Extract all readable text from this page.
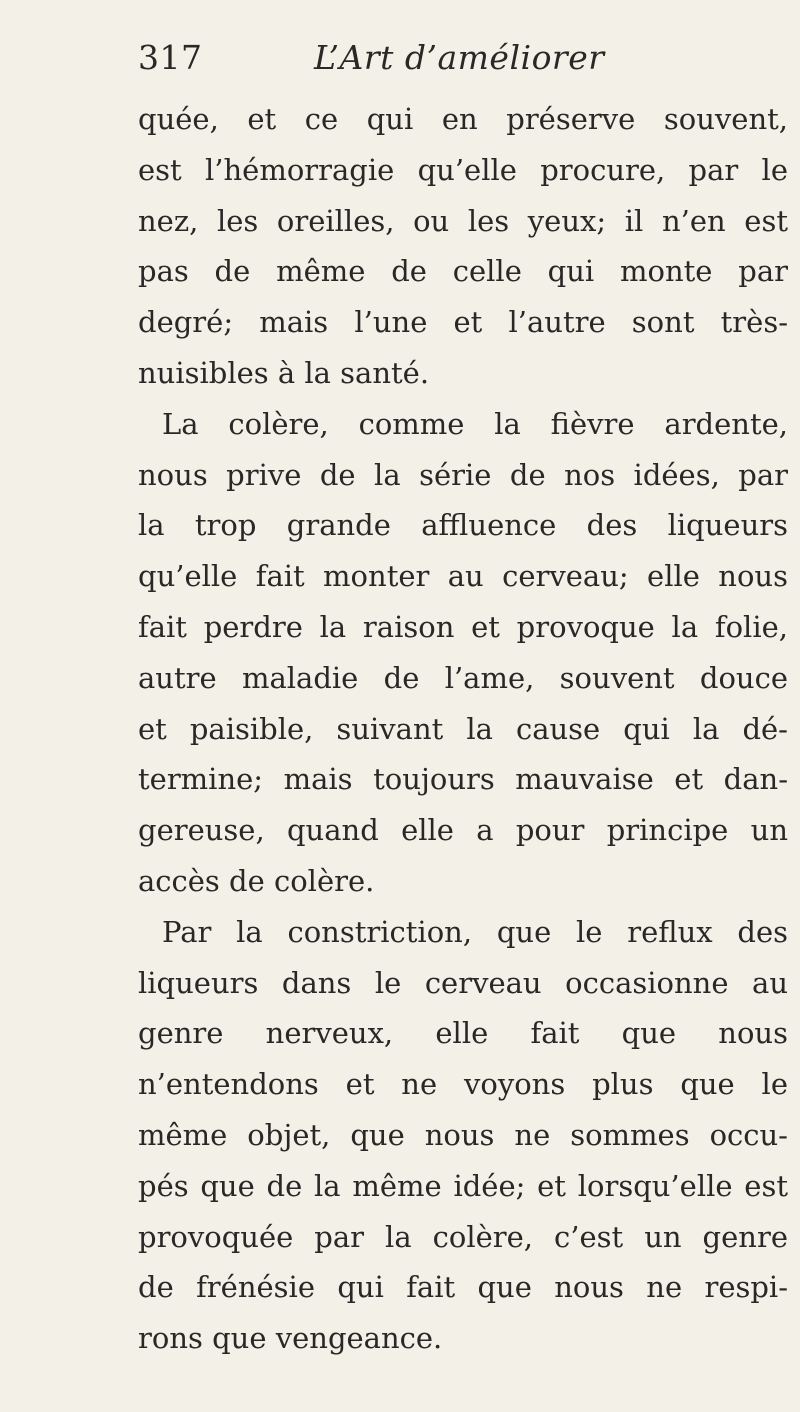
317	L’Art d’améliorer
quée, et ce qui en préserve souvent,
est l’hémorragie qu’elle procure, par le
nez, les oreilles, ou les yeux; il n’en est
pas de même de celle qui monte par
degré; mais l’une et l’autre sont très-
nuisibles à la santé.
La colère, comme la fièvre ardente,
nous prive de la série de nos idées, par
la trop grande affluence des liqueurs
qu’elle fait monter au cerveau; elle nous
fait perdre la raison et provoque la folie,
autre maladie de l’ame, souvent douce
et paisible, suivant la cause qui la dé-
termine; mais toujours mauvaise et dan-
gereuse, quand elle a pour principe un
accès de colère.
Par la constriction, que le reflux des
liqueurs dans le cerveau occasionne au
genre nerveux, elle fait que nous
n’entendons et ne voyons plus que le
même objet, que nous ne sommes occu-
pés que de la même idée; et lorsqu’elle est
provoquée par la colère, c’est un genre
de frénésie qui fait que nous ne respi-
rons que vengeance.
